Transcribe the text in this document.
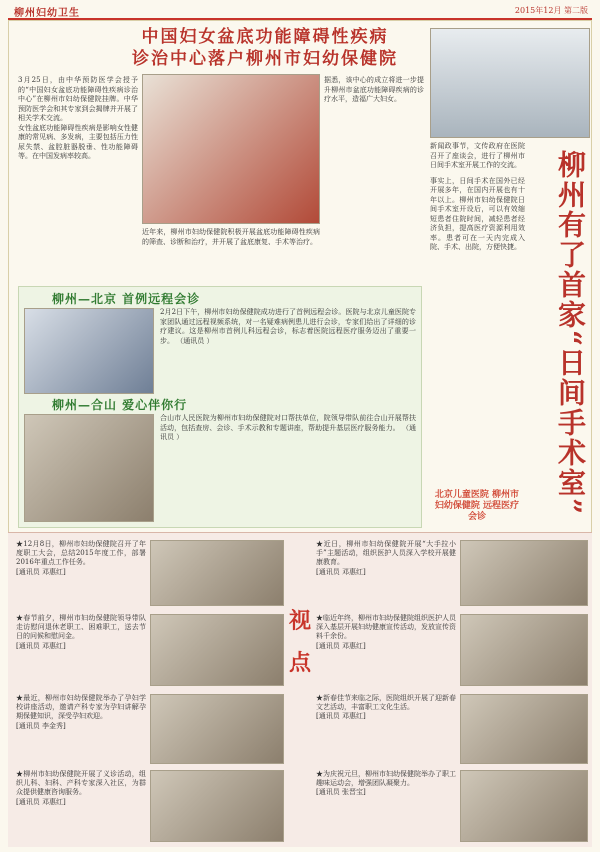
柳州妇幼卫生	2015年12月 第二版
中国妇女盆底功能障碍性疾病
诊治中心落户柳州市妇幼保健院
3月25日，由中华预防医学会授予的“中国妇女盆底功能障碍性疾病诊治中心”在柳州市妇幼保健院挂牌。中华预防医学会和其专家到会揭牌并开展了相关学术交流。
女性盆底功能障碍性疾病是影响女性健康的常见病、多发病，主要包括压力性尿失禁、盆腔脏器脱垂、性功能障碍等。在中国发病率较高。
近年来，柳州市妇幼保健院积极开展盆底功能障碍性疾病的筛查、诊断和治疗，并开展了盆底康复、手术等治疗。
据悉，该中心的成立将进一步提升柳州市盆底功能障碍疾病的诊疗水平，造福广大妇女。
新闻政事节，文传政府在医院召开了座谈会，进行了柳州市日间手术室开展工作的交流。
事实上，日间手术在国外已经开展多年，在国内开展也有十年以上。柳州市妇幼保健院日间手术室开设后，可以有效缩短患者住院时间，减轻患者经济负担，提高医疗资源利用效率。患者可在一天内完成入院、手术、出院，方便快捷。	柳州有了首家“日间手术室”
柳州—北京 首例远程会诊
2月2日下午，柳州市妇幼保健院成功进行了首例远程会诊。医院与北京儿童医院专家团队通过远程视频系统，对一名疑难病例患儿进行会诊，专家们给出了详细的诊疗建议。这是柳州市首例儿科远程会诊，标志着医院远程医疗服务迈出了重要一步。 （通讯员 ）
柳州—合山 爱心伴你行
合山市人民医院为柳州市妇幼保健院对口帮扶单位，院领导带队前往合山开展帮扶活动，包括查房、会诊、手术示教和专题讲座，帮助提升基层医疗服务能力。 （通讯员 ）
北京儿童医院 柳州市妇幼保健院 远程医疗会诊
视点
★12月8日，柳州市妇幼保健院召开了年度职工大会，总结2015年度工作，部署2016年重点工作任务。
[通讯员 邓惠红]
★春节前夕，柳州市妇幼保健院领导带队走访慰问退休老职工、困难职工，送去节日的问候和慰问金。
[通讯员 邓惠红]
★最近，柳州市妇幼保健院举办了孕妇学校讲座活动，邀请产科专家为孕妇讲解孕期保健知识，深受孕妇欢迎。
[通讯员 李金秀]
★柳州市妇幼保健院开展了义诊活动，组织儿科、妇科、产科专家深入社区，为群众提供健康咨询服务。
[通讯员 邓惠红]
★近日，柳州市妇幼保健院开展“大手拉小手”主题活动，组织医护人员深入学校开展健康教育。
[通讯员 邓惠红]
★临近年终，柳州市妇幼保健院组织医护人员深入基层开展妇幼健康宣传活动，发放宣传资料千余份。
[通讯员 邓惠红]
★新春佳节来临之际，医院组织开展了迎新春文艺活动，丰富职工文化生活。
[通讯员 邓惠红]
★为庆祝元旦，柳州市妇幼保健院举办了职工趣味运动会，增强团队凝聚力。
[通讯员 张晋宝]
